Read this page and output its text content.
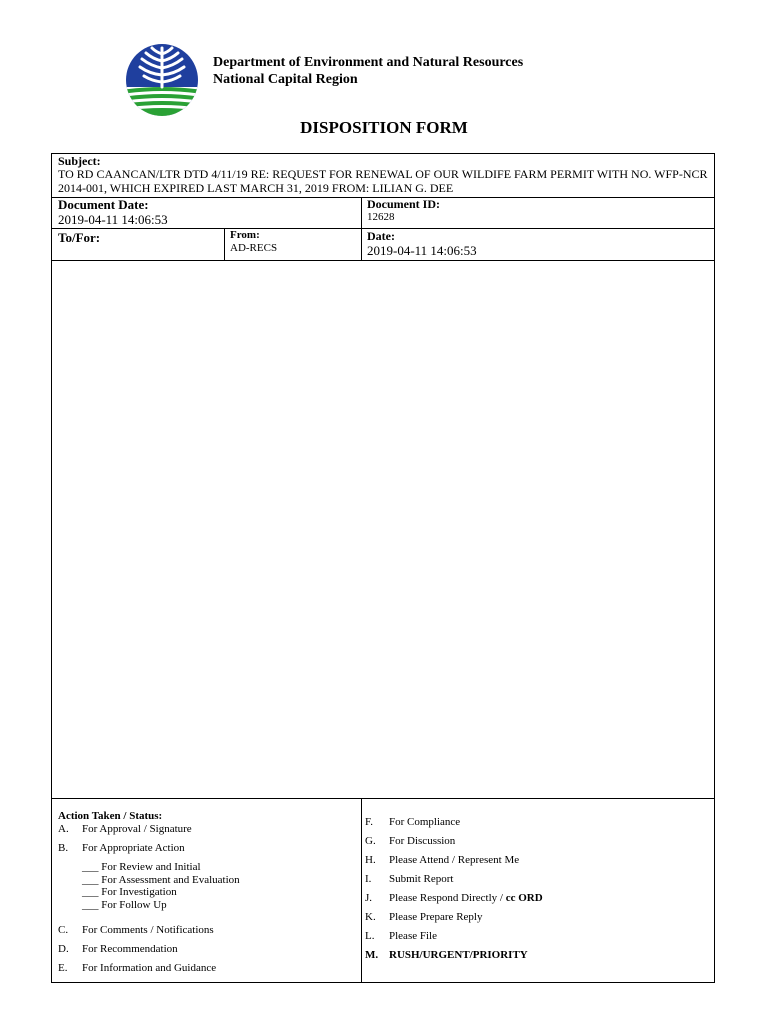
Department of Environment and Natural Resources
National Capital Region
DISPOSITION FORM
Subject:
TO RD CAANCAN/LTR DTD 4/11/19 RE: REQUEST FOR RENEWAL OF OUR WILDIFE FARM PERMIT WITH NO. WFP-NCR 2014-001, WHICH EXPIRED LAST MARCH 31, 2019 FROM: LILIAN G. DEE
Document Date:
2019-04-11 14:06:53
Document ID:
12628
To/For:	From:
AD-RECS
Date:
2019-04-11 14:06:53
Action Taken / Status:
A. For Approval / Signature
B. For Appropriate Action
___ For Review and Initial
___ For Assessment and Evaluation
___ For Investigation
___ For Follow Up
C. For Comments / Notifications
D. For Recommendation
E. For Information and Guidance
F. For Compliance
G. For Discussion
H. Please Attend / Represent Me
I. Submit Report
J. Please Respond Directly / cc ORD
K. Please Prepare Reply
L. Please File
M. RUSH/URGENT/PRIORITY
